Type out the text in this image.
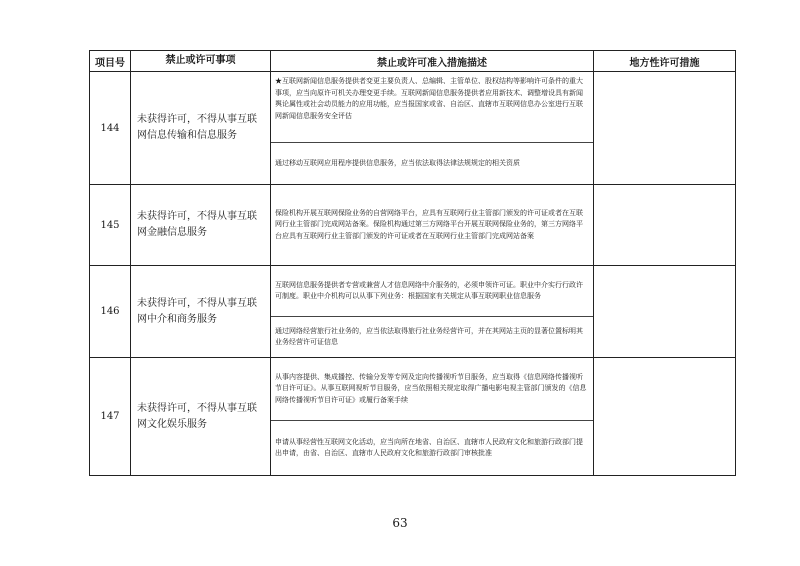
项目号	禁止或许可事项	禁止或许可准入措施描述	地方性许可措施
144	未获得许可，不得从事互联网信息传输和信息服务	★互联网新闻信息服务提供者变更主要负责人、总编辑、主管单位、股权结构等影响许可条件的重大事项，应当向原许可机关办理变更手续。互联网新闻信息服务提供者应用新技术、调整增设具有新闻舆论属性或社会动员能力的应用功能，应当报国家或省、自治区、直辖市互联网信息办公室进行互联网新闻信息服务安全评估
通过移动互联网应用程序提供信息服务，应当依法取得法律法规规定的相关资质	

145	未获得许可，不得从事互联网金融信息服务	保险机构开展互联网保险业务的自营网络平台，应具有互联网行业主管部门颁发的许可证或者在互联网行业主管部门完成网站备案。保险机构通过第三方网络平台开展互联网保险业务的，第三方网络平台应具有互联网行业主管部门颁发的许可证或者在互联网行业主管部门完成网站备案	

146	未获得许可，不得从事互联网中介和商务服务	互联网信息服务提供者专营或兼营人才信息网络中介服务的，必须申领许可证。职业中介实行行政许可制度。职业中介机构可以从事下列业务：根据国家有关规定从事互联网职业信息服务
通过网络经营旅行社业务的，应当依法取得旅行社业务经营许可，并在其网站主页的显著位置标明其业务经营许可证信息	

147	未获得许可，不得从事互联网文化娱乐服务	从事内容提供、集成播控、传输分发等专网及定向传播视听节目服务，应当取得《信息网络传播视听节目许可证》。从事互联网视听节目服务，应当依照相关规定取得广播电影电视主管部门颁发的《信息网络传播视听节目许可证》或履行备案手续
申请从事经营性互联网文化活动，应当向所在地省、自治区、直辖市人民政府文化和旅游行政部门提出申请，由省、自治区、直辖市人民政府文化和旅游行政部门审核批准	

63
